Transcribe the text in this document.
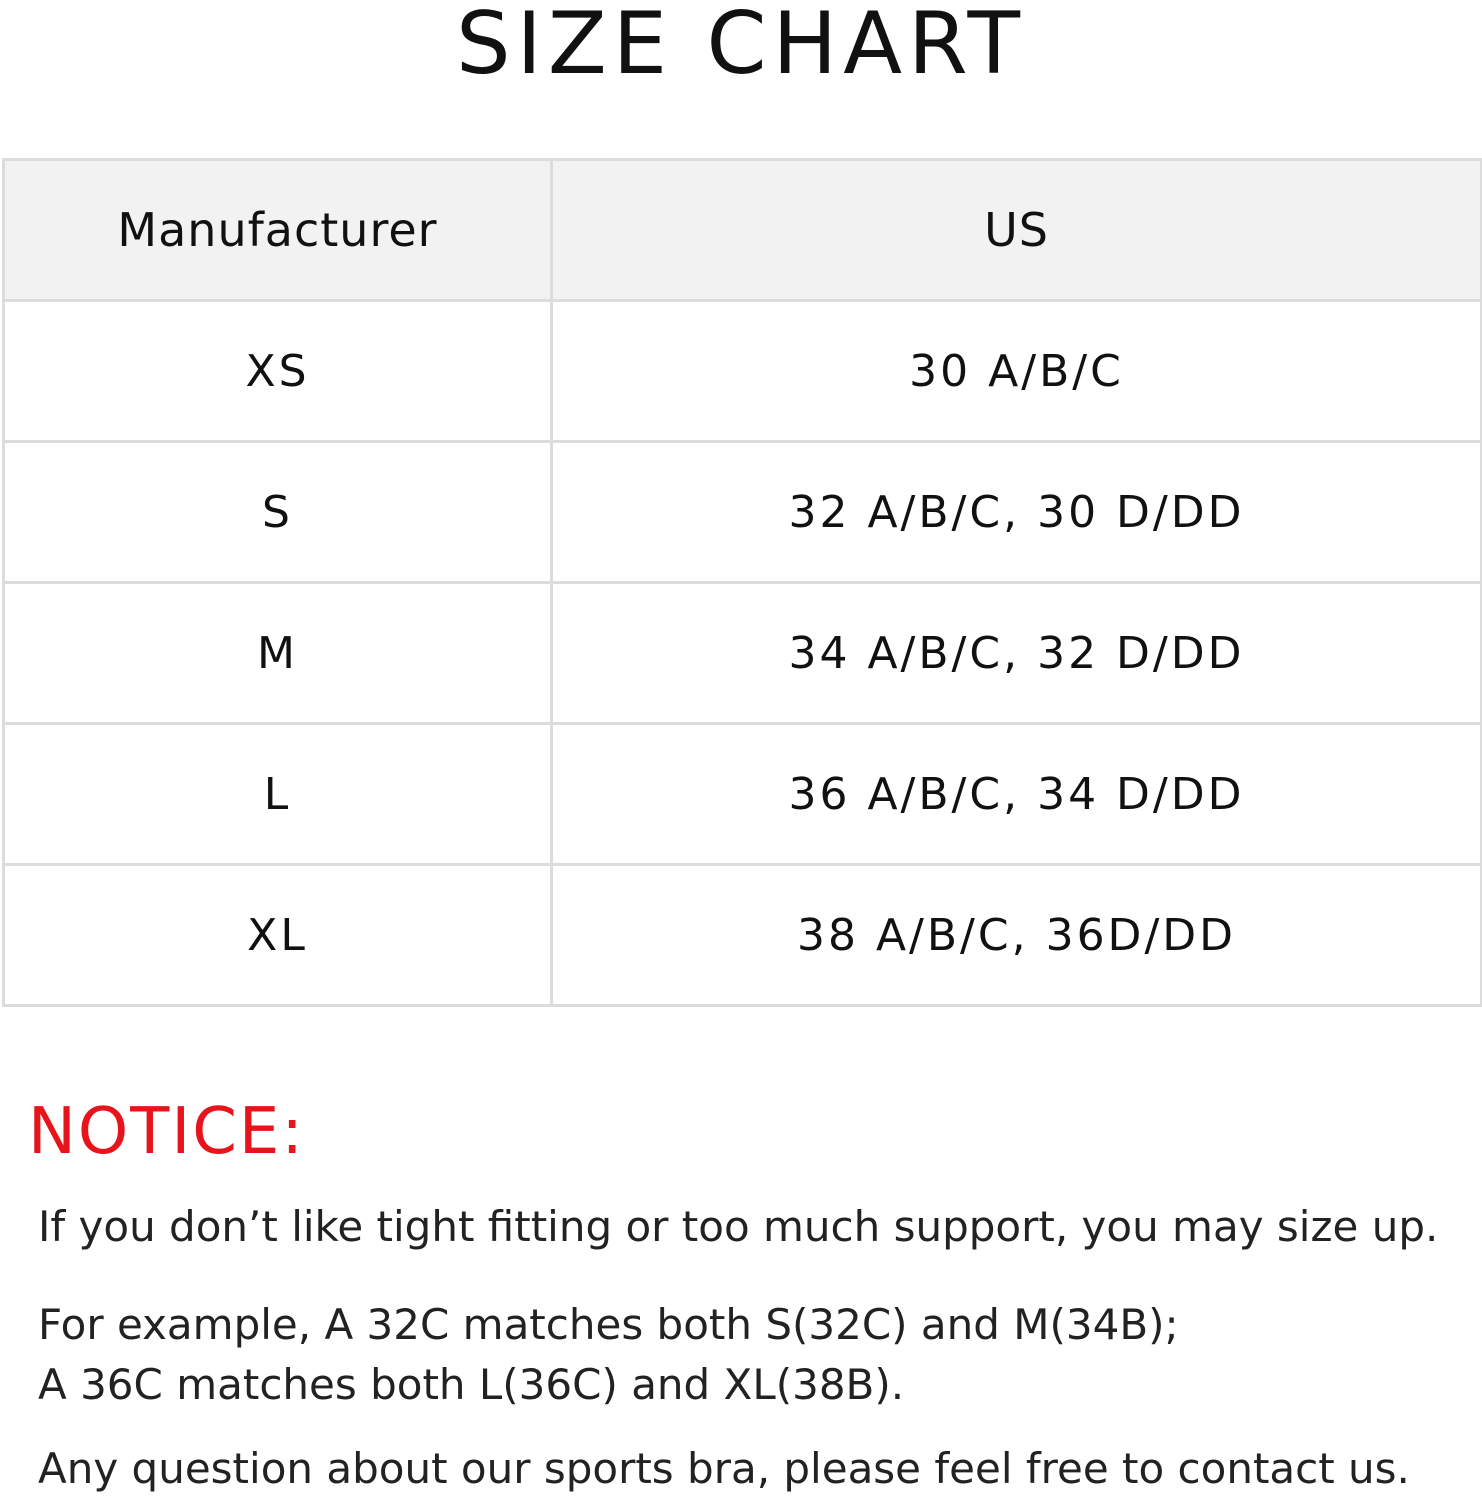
SIZE CHART
Manufacturer	US
XS	30 A/B/C
S	32 A/B/C, 30 D/DD
M	34 A/B/C, 32 D/DD
L	36 A/B/C, 34 D/DD
XL	38 A/B/C, 36D/DD
NOTICE:

If you don’t like tight fitting or too much support, you may size up.

For example, A 32C matches both S(32C) and M(34B);

A 36C matches both L(36C) and XL(38B).

Any question about our sports bra, please feel free to contact us.
